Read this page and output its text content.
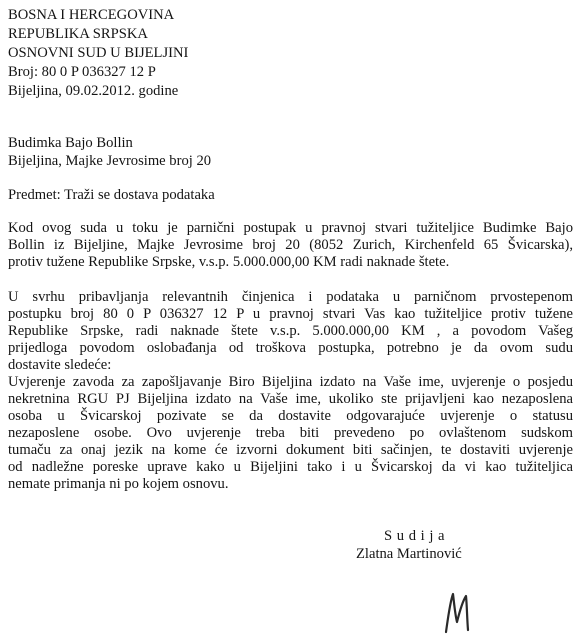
BOSNA I HERCEGOVINA
REPUBLIKA SRPSKA
OSNOVNI SUD U BIJELJINI
Broj: 80 0 P 036327 12 P
Bijeljina, 09.02.2012. godine
Budimka Bajo Bollin
Bijeljina, Majke Jevrosime broj 20
Predmet: Traži se dostava podataka
Kod ovog suda u toku je parnični postupak u pravnoj stvari tužiteljice Budimke Bajo
Bollin iz Bijeljine, Majke Jevrosime broj 20 (8052 Zurich, Kirchenfeld 65 Švicarska),
protiv tužene Republike Srpske, v.s.p. 5.000.000,00 KM radi naknade štete.
U svrhu pribavljanja relevantnih činjenica i podataka u parničnom prvostepenom
postupku broj 80 0 P 036327 12 P u pravnoj stvari Vas kao tužiteljice protiv tužene
Republike Srpske, radi naknade štete v.s.p. 5.000.000,00 KM , a povodom Vašeg
prijedloga povodom oslobađanja od troškova postupka, potrebno je da ovom sudu
dostavite sledeće:
Uvjerenje zavoda za zapošljavanje Biro Bijeljina izdato na Vaše ime, uvjerenje o posjedu
nekretnina RGU PJ Bijeljina izdato na Vaše ime, ukoliko ste prijavljeni kao nezaposlena
osoba u Švicarskoj pozivate se da dostavite odgovarajuće uvjerenje o statusu
nezaposlene osobe. Ovo uvjerenje treba biti prevedeno po ovlaštenom sudskom
tumaču za onaj jezik na kome će izvorni dokument biti sačinjen, te dostaviti uvjerenje
od nadležne poreske uprave kako u Bijeljini tako i u Švicarskoj da vi kao tužiteljica
nemate primanja ni po kojem osnovu.
S u d i j a
Zlatna Martinović
